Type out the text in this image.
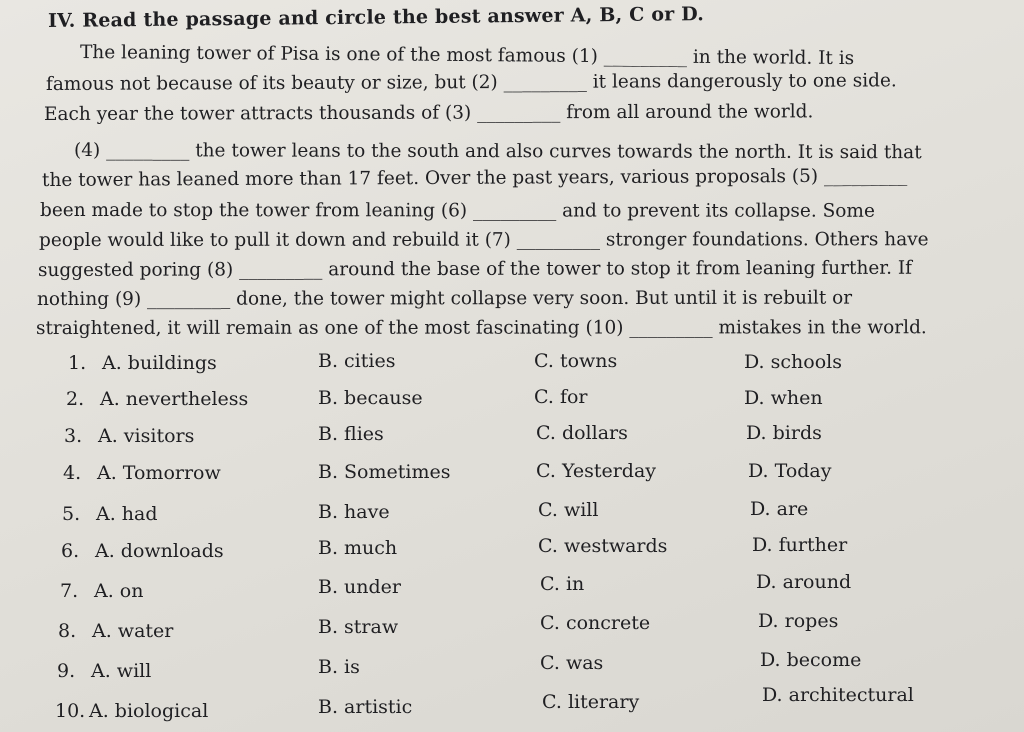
IV. Read the passage and circle the best answer A, B, C or D.
The leaning tower of Pisa is one of the most famous (1) _________ in the world. It is
famous not because of its beauty or size, but (2) _________ it leans dangerously to one side.
Each year the tower attracts thousands of (3) _________ from all around the world.
(4) _________ the tower leans to the south and also curves towards the north. It is said that
the tower has leaned more than 17 feet. Over the past years, various proposals (5) _________
been made to stop the tower from leaning (6) _________ and to prevent its collapse. Some
people would like to pull it down and rebuild it (7) _________ stronger foundations. Others have
suggested poring (8) _________ around the base of the tower to stop it from leaning further. If
nothing (9) _________ done, the tower might collapse very soon. But until it is rebuilt or
straightened, it will remain as one of the most fascinating (10) _________ mistakes in the world.
1. A. buildings	B. cities	C. towns	D. schools
2. A. nevertheless	B. because	C. for	D. when
3. A. visitors	B. flies	C. dollars	D. birds
4. A. Tomorrow	B. Sometimes	C. Yesterday	D. Today
5. A. had	B. have	C. will	D. are
6. A. downloads	B. much	C. westwards	D. further
7. A. on	B. under	C. in	D. around
8. A. water	B. straw	C. concrete	D. ropes
9. A. will	B. is	C. was	D. become
10. A. biological	B. artistic	C. literary	D. architectural
